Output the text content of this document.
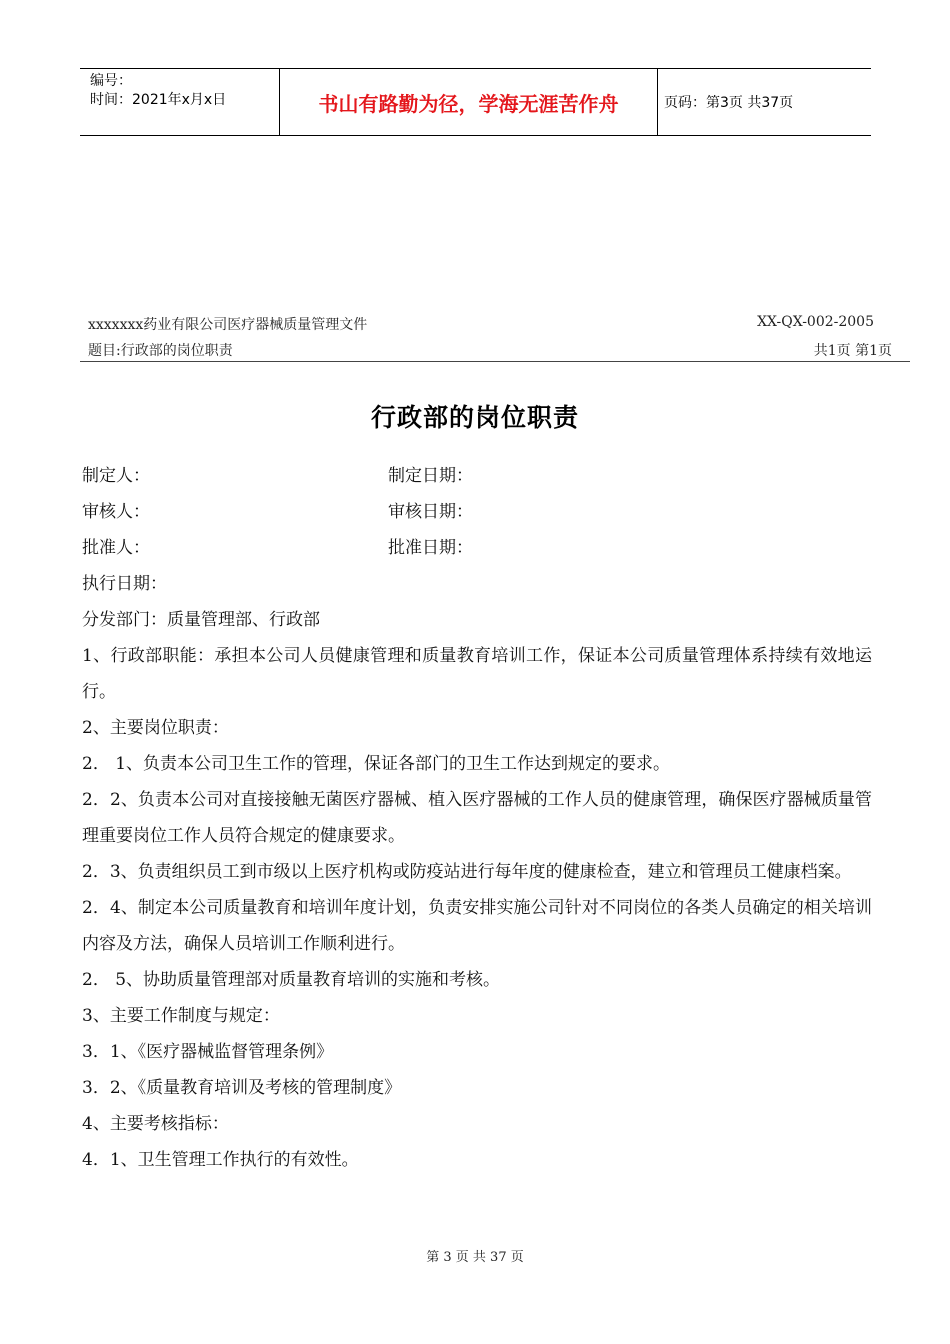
编号：
时间：2021年x月x日	书山有路勤为径，学海无涯苦作舟	页码：第3页 共37页
xxxxxxx药业有限公司医疗器械质量管理文件	XX-QX-002-2005
题目:行政部的岗位职责	共1页 第1页
行政部的岗位职责
制定人：	制定日期：
审核人：	审核日期：
批准人：	批准日期：
执行日期：
分发部门：质量管理部、行政部
1、行政部职能：承担本公司人员健康管理和质量教育培训工作，保证本公司质量管理体系持续有效地运行。
2、主要岗位职责：
2． 1、负责本公司卫生工作的管理，保证各部门的卫生工作达到规定的要求。
2．2、负责本公司对直接接触无菌医疗器械、植入医疗器械的工作人员的健康管理，确保医疗器械质量管理重要岗位工作人员符合规定的健康要求。
2．3、负责组织员工到市级以上医疗机构或防疫站进行每年度的健康检查，建立和管理员工健康档案。
2．4、制定本公司质量教育和培训年度计划，负责安排实施公司针对不同岗位的各类人员确定的相关培训内容及方法，确保人员培训工作顺利进行。
2． 5、协助质量管理部对质量教育培训的实施和考核。
3、主要工作制度与规定：
3．1、《医疗器械监督管理条例》
3．2、《质量教育培训及考核的管理制度》
4、主要考核指标：
4．1、卫生管理工作执行的有效性。
第 3 页 共 37 页
